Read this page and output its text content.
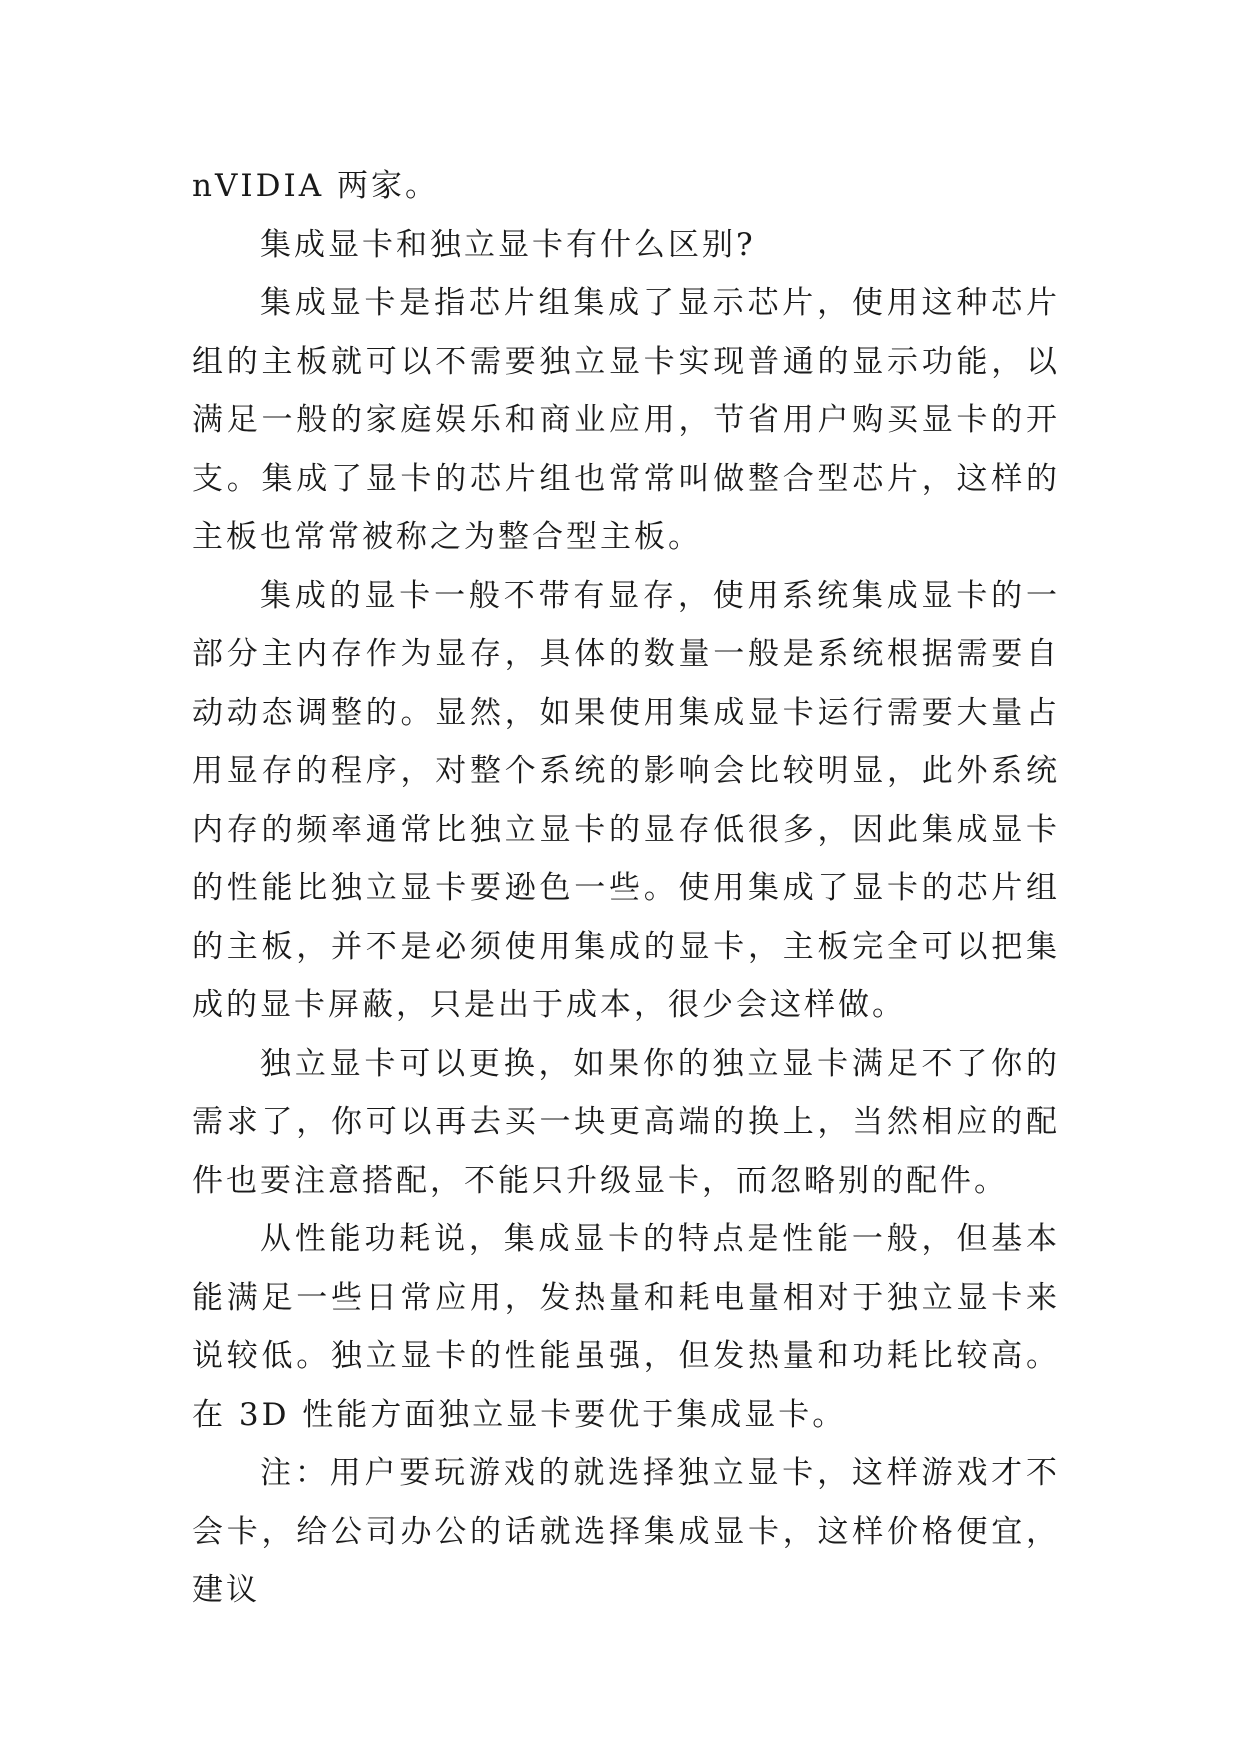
nVIDIA 两家。

集成显卡和独立显卡有什么区别?

集成显卡是指芯片组集成了显示芯片，使用这种芯片组的主板就可以不需要独立显卡实现普通的显示功能，以满足一般的家庭娱乐和商业应用，节省用户购买显卡的开支。集成了显卡的芯片组也常常叫做整合型芯片，这样的主板也常常被称之为整合型主板。

集成的显卡一般不带有显存，使用系统集成显卡的一部分主内存作为显存，具体的数量一般是系统根据需要自动动态调整的。显然，如果使用集成显卡运行需要大量占用显存的程序，对整个系统的影响会比较明显，此外系统内存的频率通常比独立显卡的显存低很多，因此集成显卡的性能比独立显卡要逊色一些。使用集成了显卡的芯片组的主板，并不是必须使用集成的显卡，主板完全可以把集成的显卡屏蔽，只是出于成本，很少会这样做。

独立显卡可以更换，如果你的独立显卡满足不了你的需求了，你可以再去买一块更高端的换上，当然相应的配件也要注意搭配，不能只升级显卡，而忽略别的配件。

从性能功耗说，集成显卡的特点是性能一般，但基本能满足一些日常应用，发热量和耗电量相对于独立显卡来说较低。独立显卡的性能虽强，但发热量和功耗比较高。在 3D 性能方面独立显卡要优于集成显卡。

注：用户要玩游戏的就选择独立显卡，这样游戏才不会卡，给公司办公的话就选择集成显卡，这样价格便宜，建议
